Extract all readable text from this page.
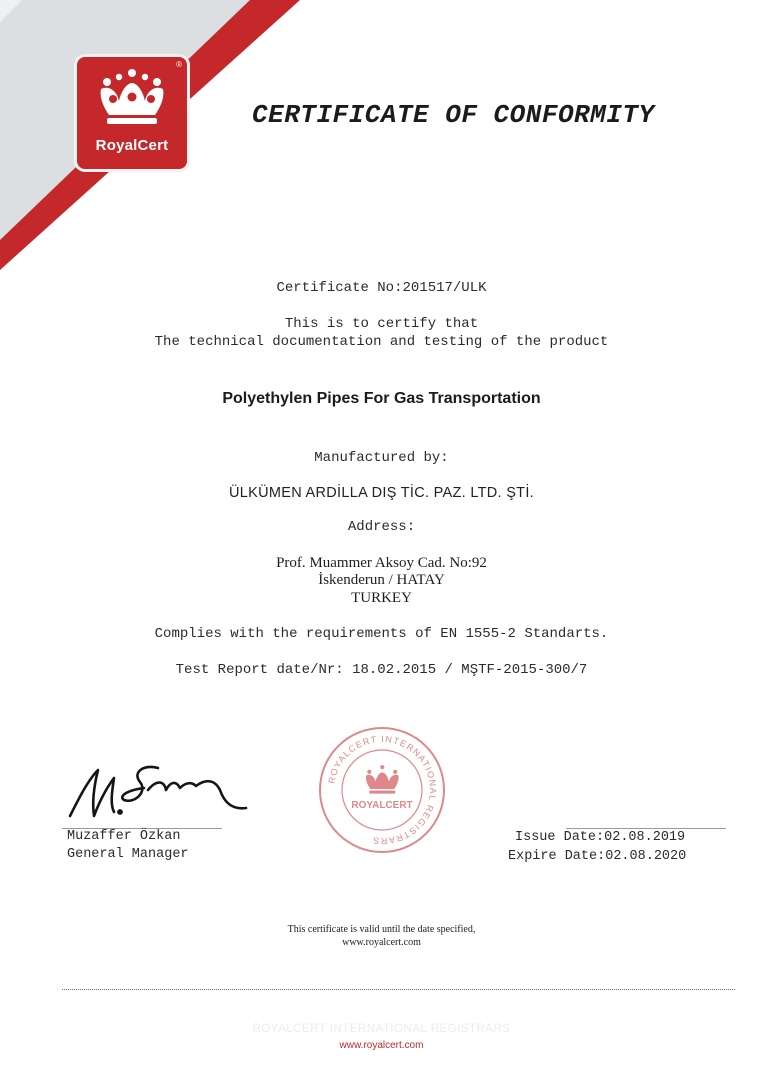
®
RoyalCert
CERTIFICATE OF CONFORMITY
Certificate No:201517/ULK
This is to certify that
The technical documentation and testing of the product
Polyethylen Pipes For Gas Transportation
Manufactured by:
ÜLKÜMEN ARDİLLA DIŞ TİC. PAZ. LTD. ŞTİ.
Address:
Prof. Muammer Aksoy Cad. No:92
İskenderun / HATAY
TURKEY
Complies with the requirements of EN 1555-2 Standarts.
Test Report date/Nr: 18.02.2015 / MŞTF-2015-300/7
ROYALCERT INTERNATIONAL REGISTRARS
ROYALCERT
Muzaffer Özkan
General Manager
Issue Date:02.08.2019
Expire Date:02.08.2020
This certificate is valid until the date specified,
www.royalcert.com
ROYALCERT INTERNATIONAL REGISTRARS
www.royalcert.com
